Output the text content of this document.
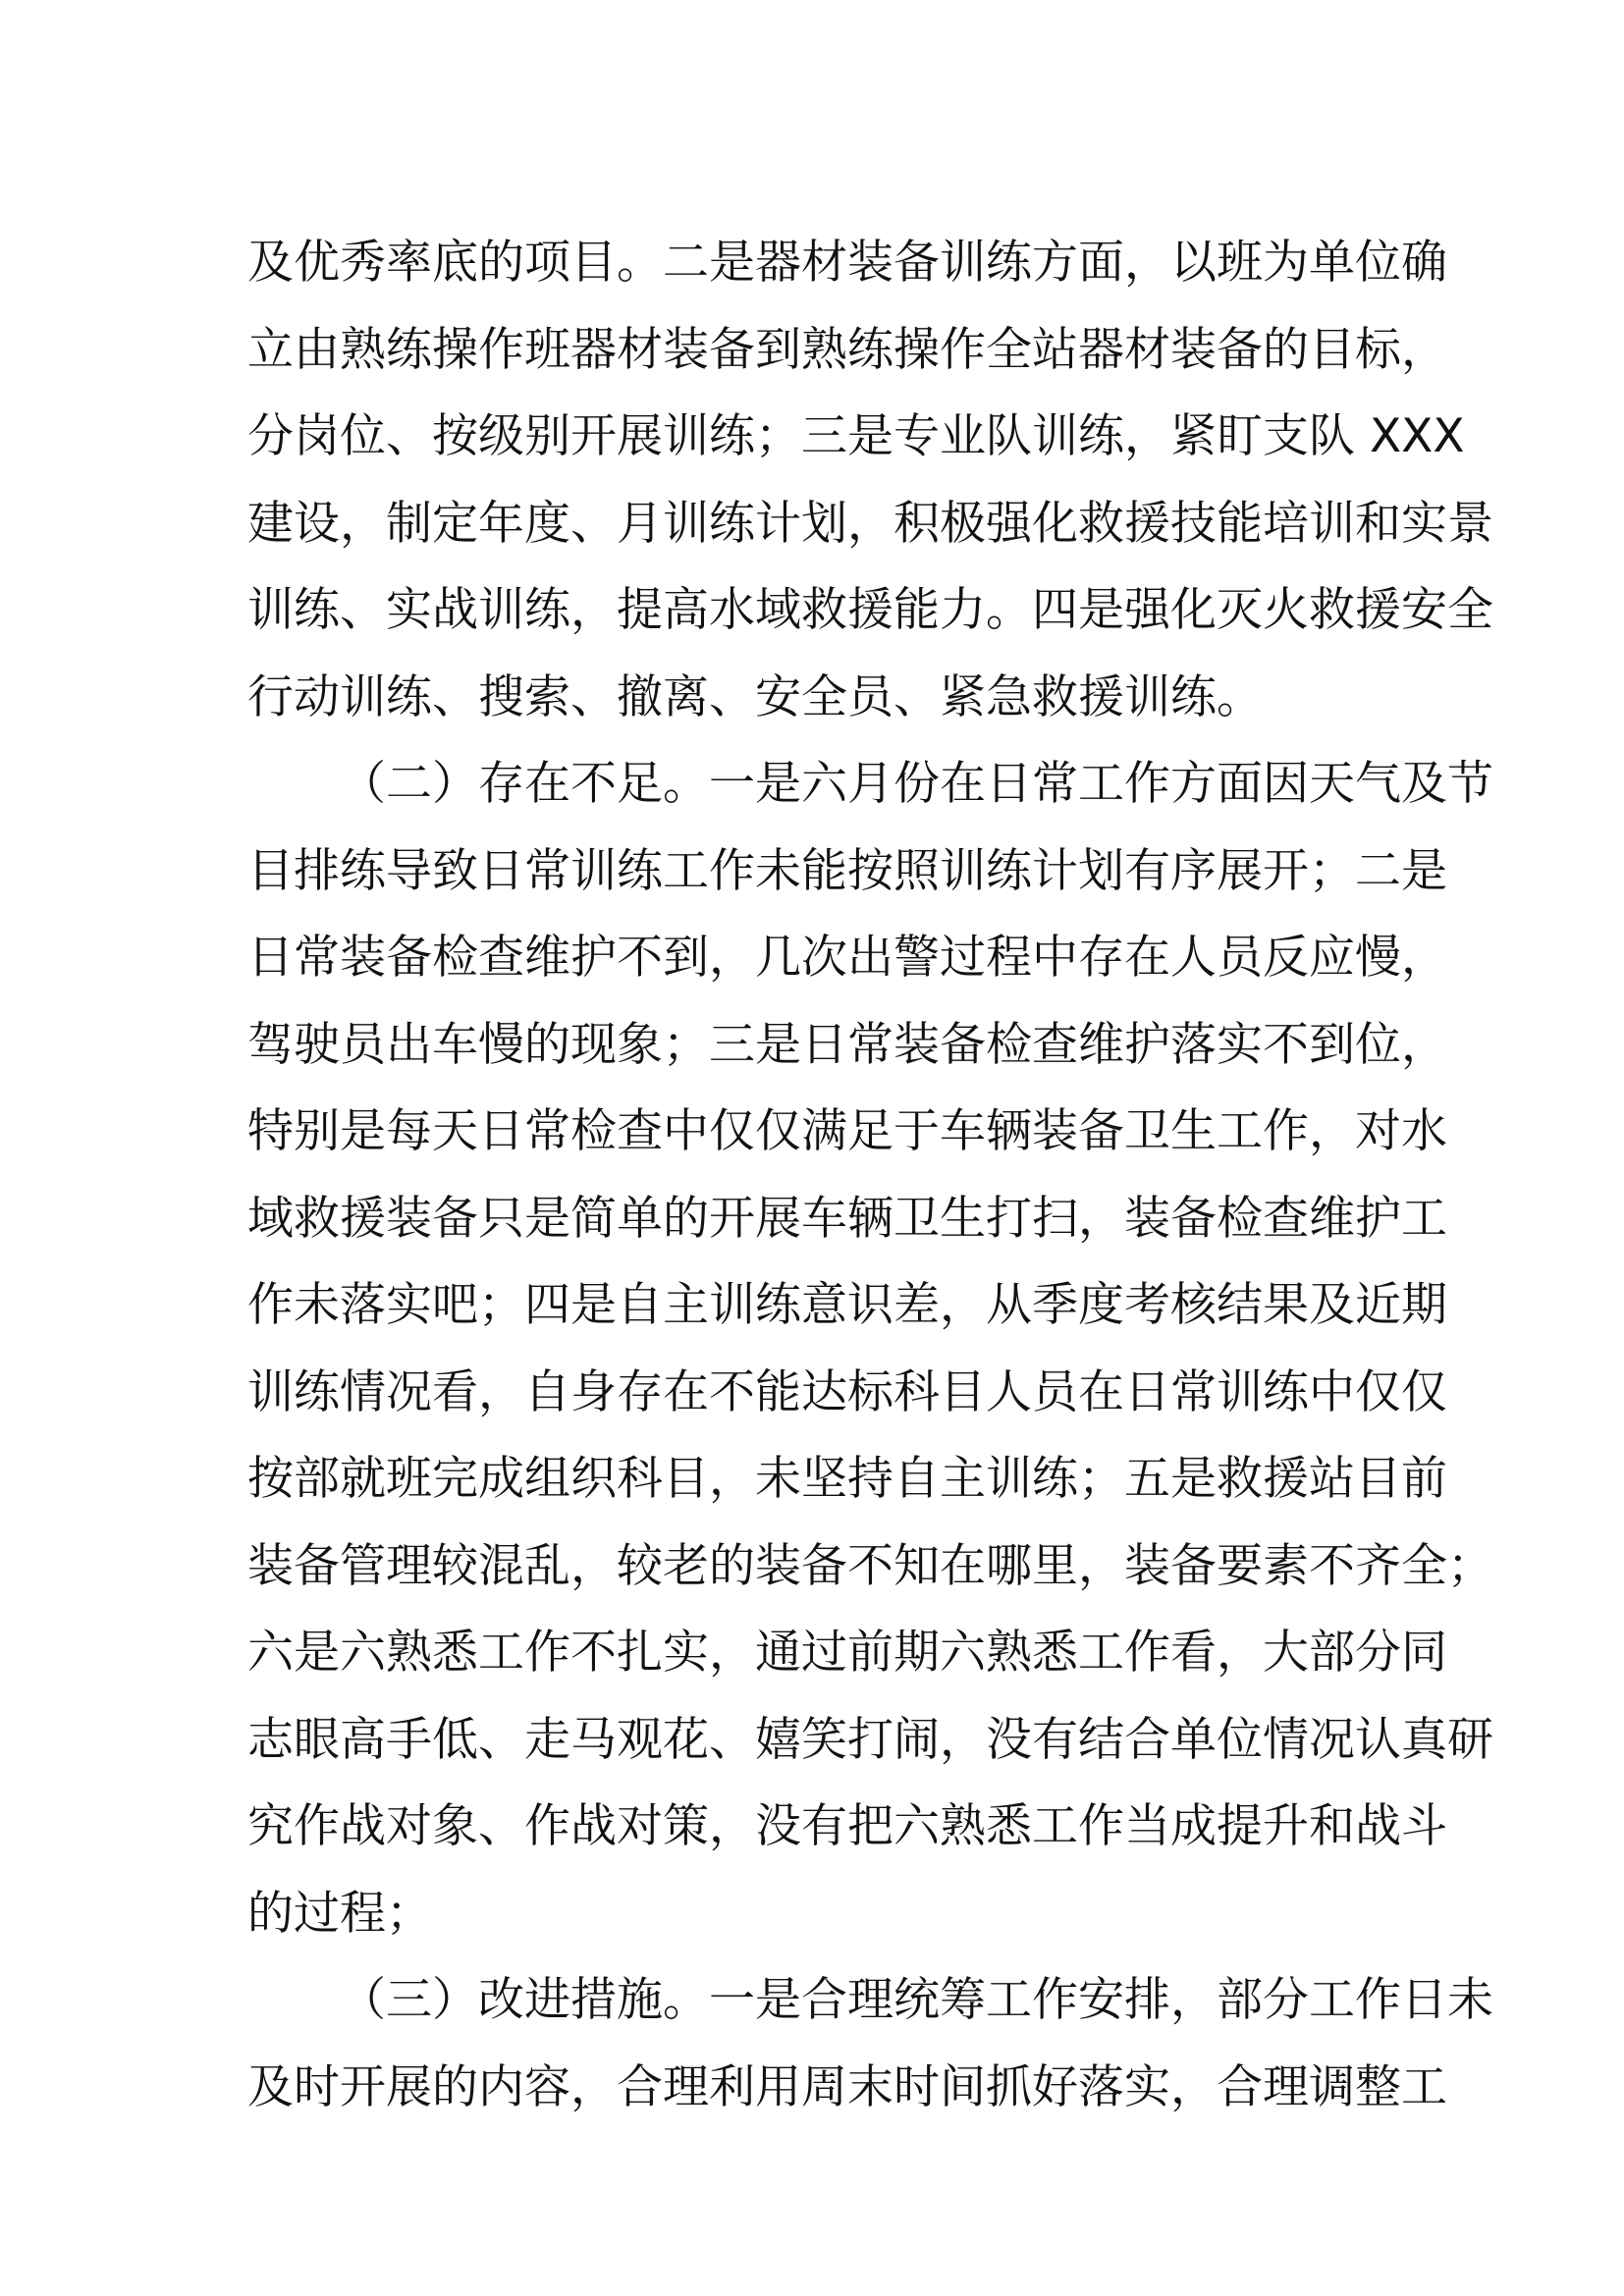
及优秀率底的项目。二是器材装备训练方面，以班为单位确
立由熟练操作班器材装备到熟练操作全站器材装备的目标，
分岗位、按级别开展训练；三是专业队训练，紧盯支队 XXX
建设，制定年度、月训练计划，积极强化救援技能培训和实景
训练、实战训练，提高水域救援能力。四是强化灭火救援安全
行动训练、搜索、撤离、安全员、紧急救援训练。
（二）存在不足。一是六月份在日常工作方面因天气及节
目排练导致日常训练工作未能按照训练计划有序展开；二是
日常装备检查维护不到，几次出警过程中存在人员反应慢，
驾驶员出车慢的现象；三是日常装备检查维护落实不到位，
特别是每天日常检查中仅仅满足于车辆装备卫生工作，对水
域救援装备只是简单的开展车辆卫生打扫，装备检查维护工
作未落实吧；四是自主训练意识差，从季度考核结果及近期
训练情况看，自身存在不能达标科目人员在日常训练中仅仅
按部就班完成组织科目，未坚持自主训练；五是救援站目前
装备管理较混乱，较老的装备不知在哪里，装备要素不齐全；
六是六熟悉工作不扎实，通过前期六熟悉工作看，大部分同
志眼高手低、走马观花、嬉笑打闹，没有结合单位情况认真研
究作战对象、作战对策，没有把六熟悉工作当成提升和战斗
的过程；
（三）改进措施。一是合理统筹工作安排，部分工作日未
及时开展的内容，合理利用周末时间抓好落实，合理调整工
